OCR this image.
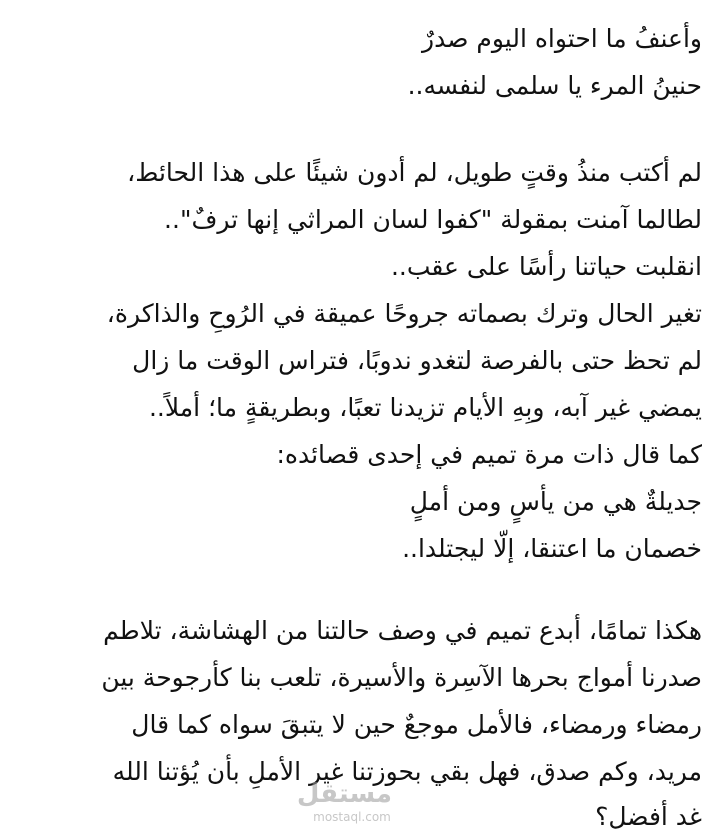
وأعنفُ ما احتواه اليوم صدرٌ
حنينُ المرء يا سلمى لنفسه..
لم أكتب منذُ وقتٍ طويل، لم أدون شيئًا على هذا الحائط،
لطالما آمنت بمقولة "كفوا لسان المراثي إنها ترفٌ"..
انقلبت حياتنا رأسًا على عقب..
تغير الحال وترك بصماته جروحًا عميقة في الرُوحِ والذاكرة،
لم تحظ حتى بالفرصة لتغدو ندوبًا، فتراس الوقت ما زال
يمضي غير آبه، وبِهِ الأيام تزيدنا تعبًا، وبطريقةٍ ما؛ أملاً..
كما قال ذات مرة تميم في إحدى قصائده:
جديلةٌ هي من يأسٍ ومن أملٍ
خصمان ما اعتنقا، إلّا ليجتلدا..
هكذا تمامًا، أبدع تميم في وصف حالتنا من الهشاشة، تلاطم
صدرنا أمواج بحرها الآسِرة والأسيرة، تلعب بنا كأرجوحة بين
رمضاء ورمضاء، فالأمل موجعٌ حين لا يتبقَ سواه كما قال
مريد، وكم صدق، فهل بقي بحوزتنا غير الأملِ بأن يُؤتنا الله
غد أفضل؟
مستقل
mostaql.com
